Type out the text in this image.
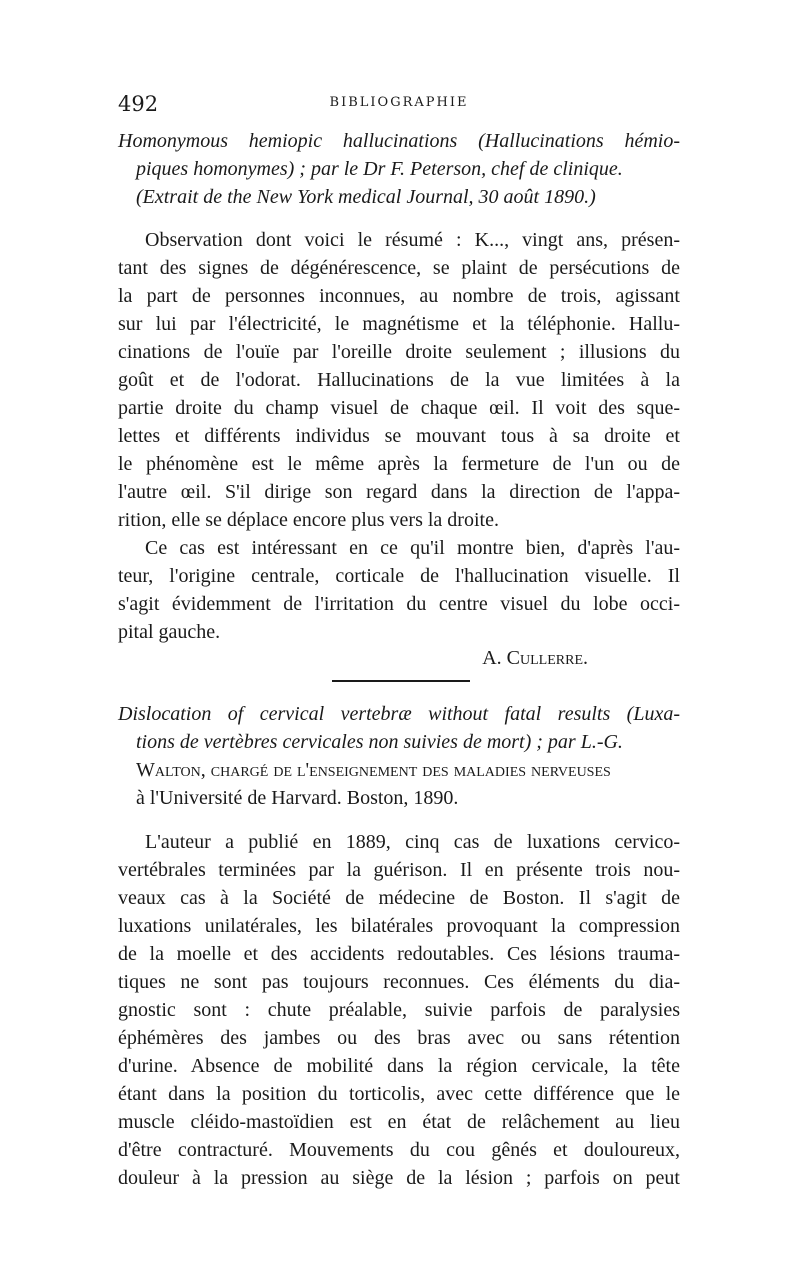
492	BIBLIOGRAPHIE
Homonymous hemiopic hallucinations (Hallucinations hémio-
piques homonymes) ; par le Dr F. Peterson, chef de clinique.
(Extrait de the New York medical Journal, 30 août 1890.)
Observation dont voici le résumé : K..., vingt ans, présen-
tant des signes de dégénérescence, se plaint de persécutions de
la part de personnes inconnues, au nombre de trois, agissant
sur lui par l'électricité, le magnétisme et la téléphonie. Hallu-
cinations de l'ouïe par l'oreille droite seulement ; illusions du
goût et de l'odorat. Hallucinations de la vue limitées à la
partie droite du champ visuel de chaque œil. Il voit des sque-
lettes et différents individus se mouvant tous à sa droite et
le phénomène est le même après la fermeture de l'un ou de
l'autre œil. S'il dirige son regard dans la direction de l'appa-
rition, elle se déplace encore plus vers la droite.
Ce cas est intéressant en ce qu'il montre bien, d'après l'au-
teur, l'origine centrale, corticale de l'hallucination visuelle. Il
s'agit évidemment de l'irritation du centre visuel du lobe occi-
pital gauche.
A. Cullerre.
Dislocation of cervical vertebræ without fatal results (Luxa-
tions de vertèbres cervicales non suivies de mort) ; par L.-G.
Walton, chargé de l'enseignement des maladies nerveuses
à l'Université de Harvard. Boston, 1890.
L'auteur a publié en 1889, cinq cas de luxations cervico-
vertébrales terminées par la guérison. Il en présente trois nou-
veaux cas à la Société de médecine de Boston. Il s'agit de
luxations unilatérales, les bilatérales provoquant la compression
de la moelle et des accidents redoutables. Ces lésions trauma-
tiques ne sont pas toujours reconnues. Ces éléments du dia-
gnostic sont : chute préalable, suivie parfois de paralysies
éphémères des jambes ou des bras avec ou sans rétention
d'urine. Absence de mobilité dans la région cervicale, la tête
étant dans la position du torticolis, avec cette différence que le
muscle cléido-mastoïdien est en état de relâchement au lieu
d'être contracturé. Mouvements du cou gênés et douloureux,
douleur à la pression au siège de la lésion ; parfois on peut
